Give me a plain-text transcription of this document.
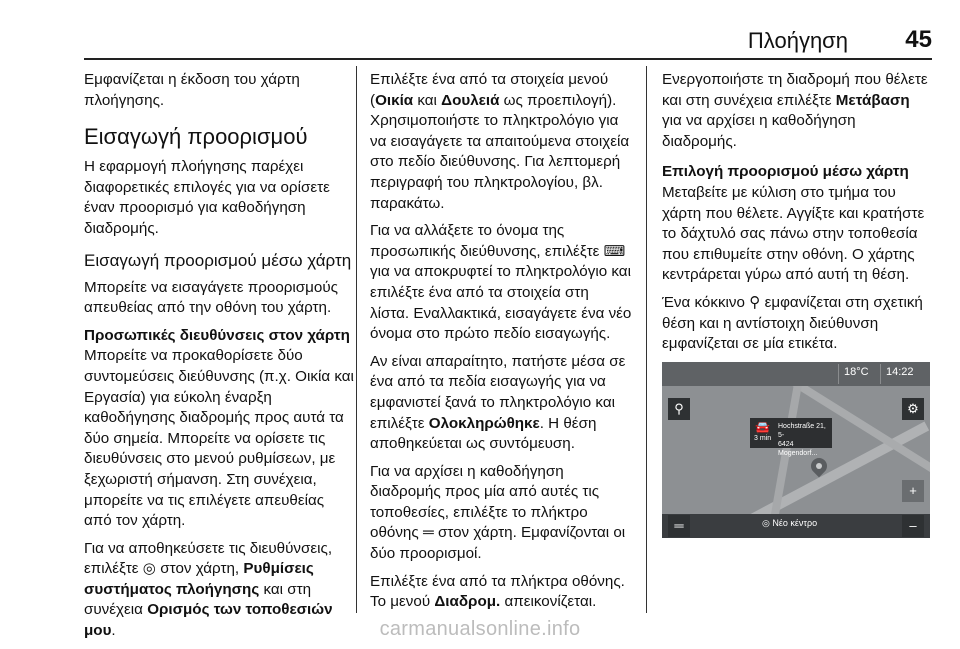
Πλοήγηση 45

Εμφανίζεται η έκδοση του χάρτη πλοήγησης.

Εισαγωγή προορισμού

Η εφαρμογή πλοήγησης παρέχει διαφορετικές επιλογές για να ορίσετε έναν προορισμό για καθοδήγηση διαδρομής.

Εισαγωγή προορισμού μέσω χάρτη

Μπορείτε να εισαγάγετε προορισμούς απευθείας από την οθόνη του χάρτη.

Προσωπικές διευθύνσεις στον χάρτη

Μπορείτε να προκαθορίσετε δύο συντομεύσεις διεύθυνσης (π.χ. Οικία και Εργασία) για εύκολη έναρξη καθοδήγησης διαδρομής προς αυτά τα δύο σημεία. Μπορείτε να ορίσετε τις διευθύνσεις στο μενού ρυθμίσεων, με ξεχωριστή σήμανση. Στη συνέχεια, μπορείτε να τις επιλέγετε απευθείας από τον χάρτη.

Για να αποθηκεύσετε τις διευθύνσεις, επιλέξτε ◎ στον χάρτη, Ρυθμίσεις συστήματος πλοήγησης και στη συνέχεια Ορισμός των τοποθεσιών μου.

Επιλέξτε ένα από τα στοιχεία μενού (Οικία και Δουλειά ως προεπιλογή). Χρησιμοποιήστε το πληκτρολόγιο για να εισαγάγετε τα απαιτούμενα στοιχεία στο πεδίο διεύθυνσης. Για λεπτομερή περιγραφή του πληκτρολογίου, βλ. παρακάτω.

Για να αλλάξετε το όνομα της προσωπικής διεύθυνσης, επιλέξτε ⌨ για να αποκρυφτεί το πληκτρολόγιο και επιλέξτε ένα από τα στοιχεία στη λίστα. Εναλλακτικά, εισαγάγετε ένα νέο όνομα στο πρώτο πεδίο εισαγωγής.

Αν είναι απαραίτητο, πατήστε μέσα σε ένα από τα πεδία εισαγωγής για να εμφανιστεί ξανά το πληκτρολόγιο και επιλέξτε Ολοκληρώθηκε. Η θέση αποθηκεύεται ως συντόμευση.

Για να αρχίσει η καθοδήγηση διαδρομής προς μία από αυτές τις τοποθεσίες, επιλέξτε το πλήκτρο οθόνης ═ στον χάρτη. Εμφανίζονται οι δύο προορισμοί.

Επιλέξτε ένα από τα πλήκτρα οθόνης. Το μενού Διαδρομ. απεικονίζεται.

Ενεργοποιήστε τη διαδρομή που θέλετε και στη συνέχεια επιλέξτε Μετάβαση για να αρχίσει η καθοδήγηση διαδρομής.

Επιλογή προορισμού μέσω χάρτη

Μεταβείτε με κύλιση στο τμήμα του χάρτη που θέλετε. Αγγίξτε και κρατήστε το δάχτυλό σας πάνω στην τοποθεσία που επιθυμείτε στην οθόνη. Ο χάρτης κεντράρεται γύρω από αυτή τη θέση.

Ένα κόκκινο ⚲ εμφανίζεται στη σχετική θέση και η αντίστοιχη διεύθυνση εμφανίζεται σε μία ετικέτα.

18°C 14:22
⚲	⚙
🚘
3 min
Hochstraße 21, 5-
6424 Mogendorf...
+
═	◎ Νέο κέντρο	–
carmanualsonline.info
